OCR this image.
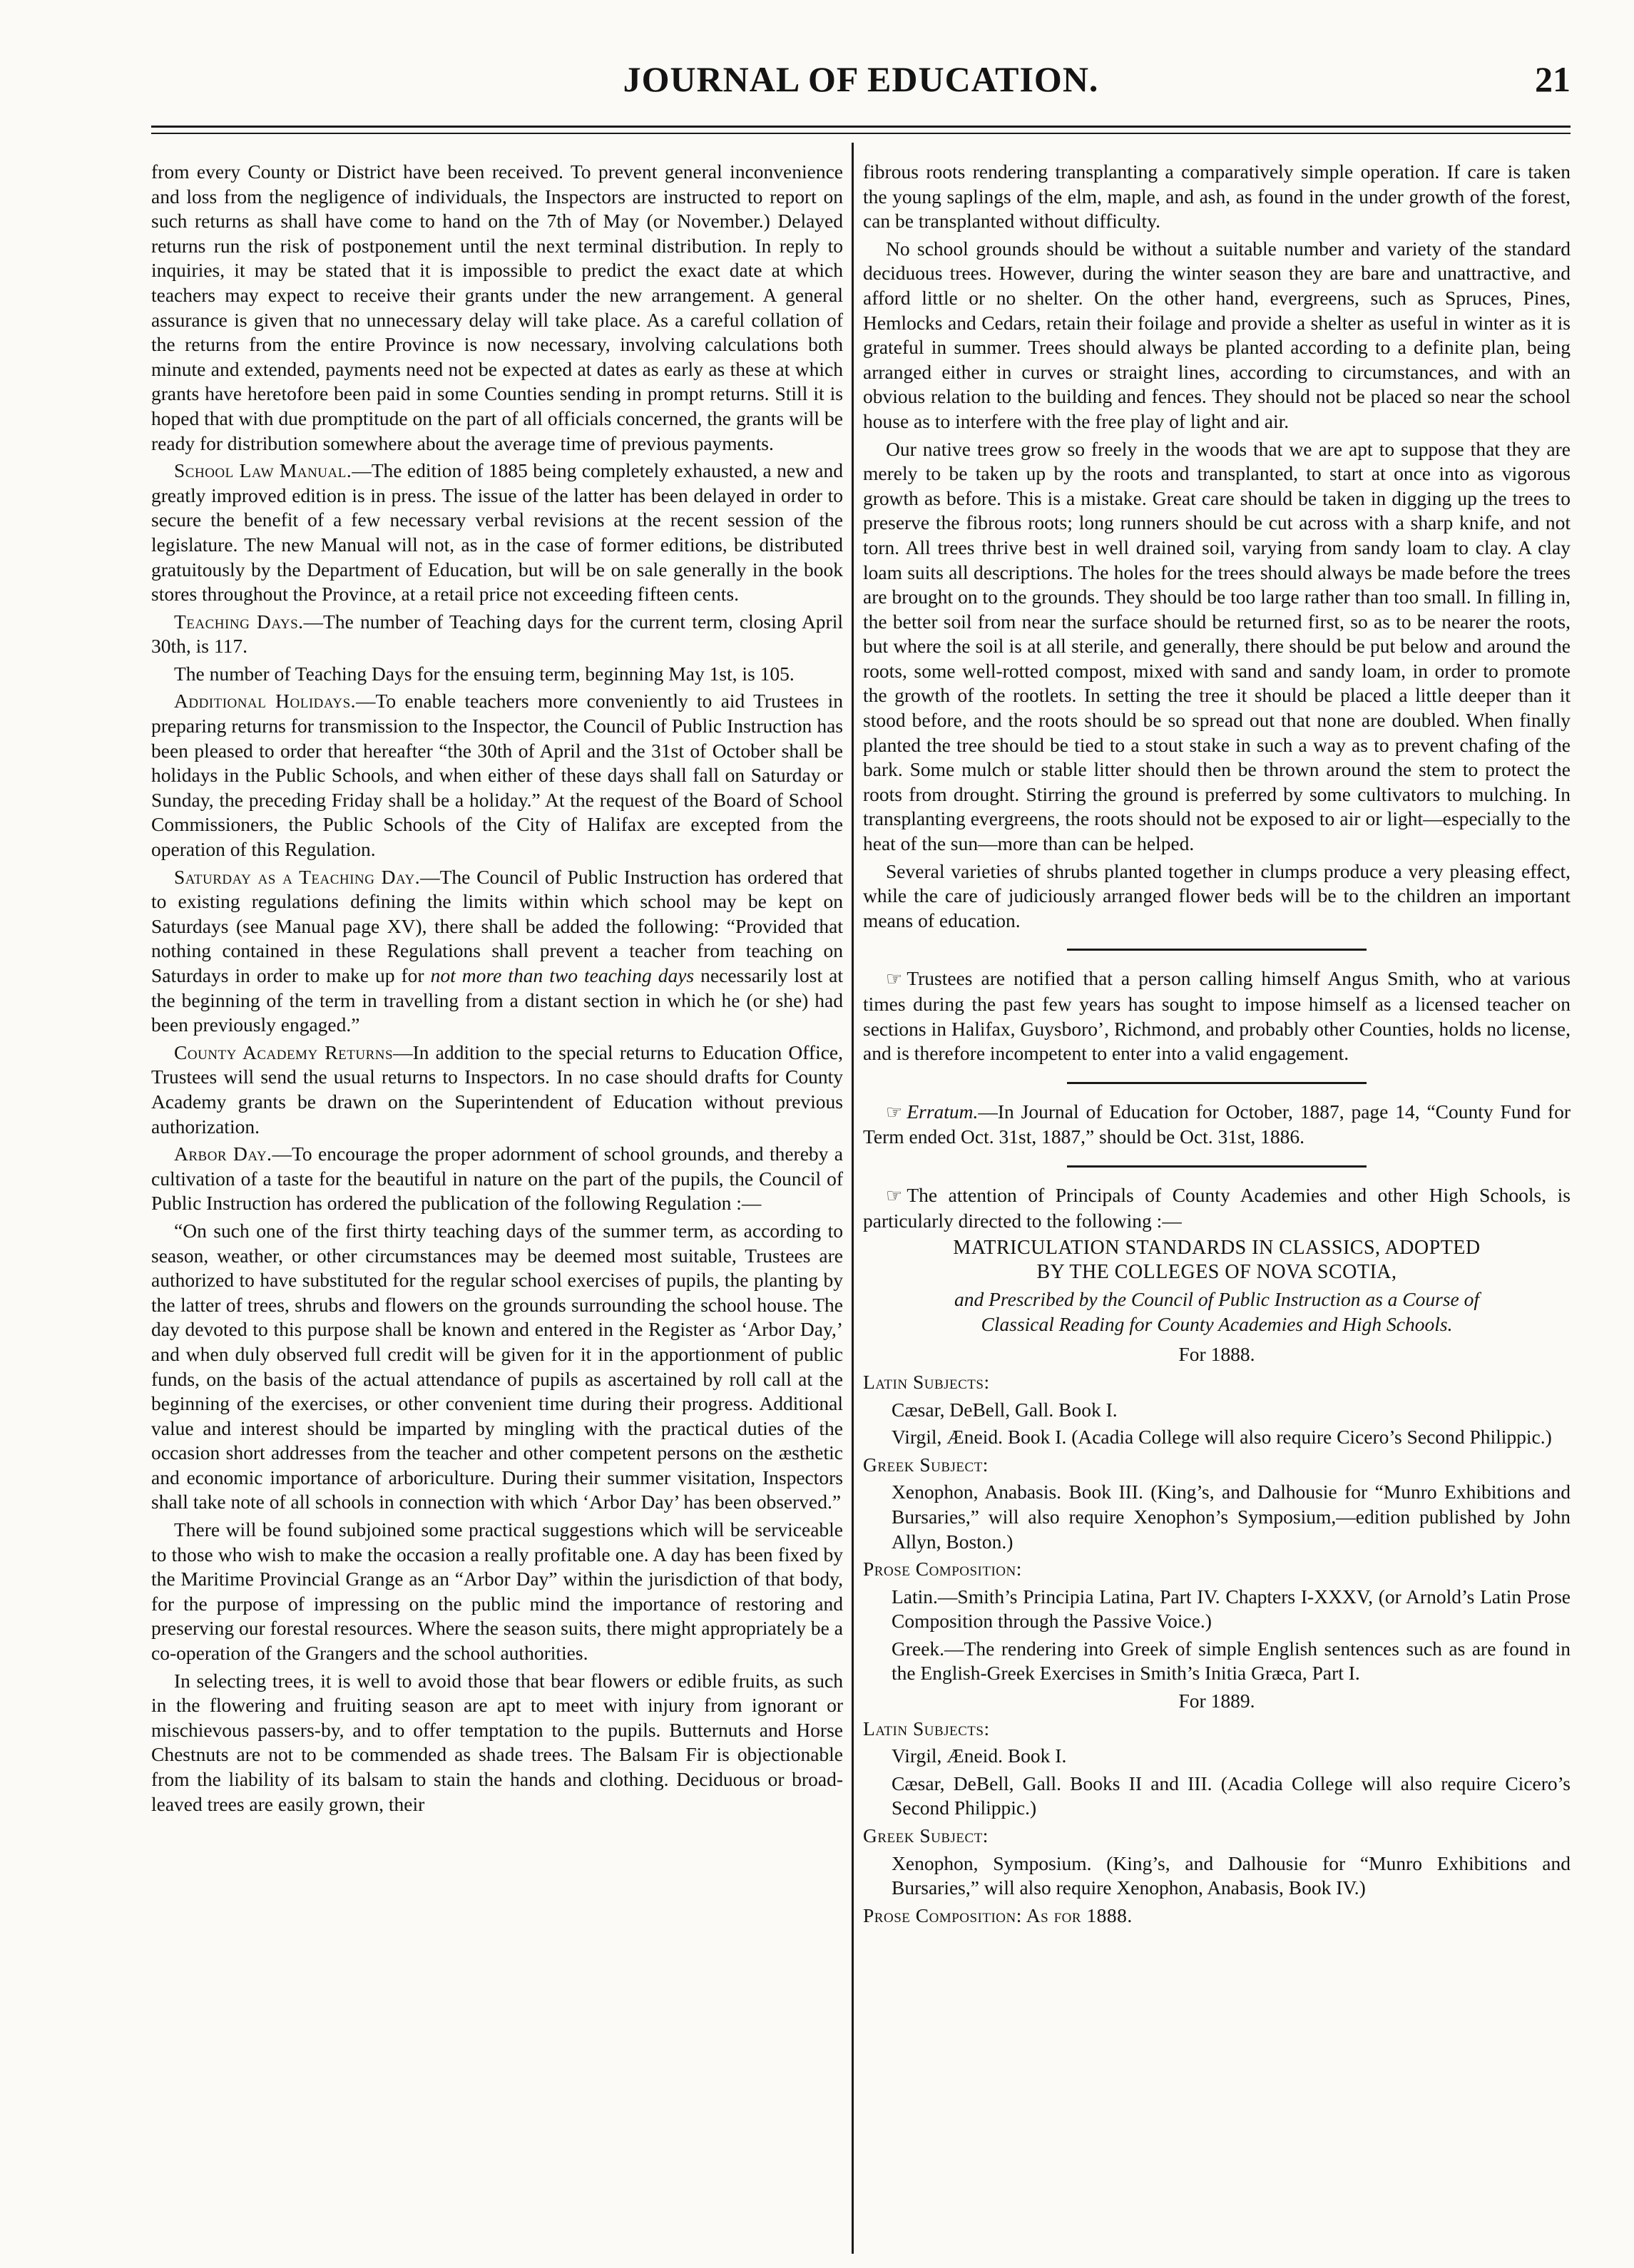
JOURNAL OF EDUCATION.	21

from every County or District have been received. To prevent general inconvenience and loss from the negligence of individuals, the Inspectors are instructed to report on such returns as shall have come to hand on the 7th of May (or November.) Delayed returns run the risk of postponement until the next terminal distribution. In reply to inquiries, it may be stated that it is impossible to predict the exact date at which teachers may expect to receive their grants under the new arrangement. A general assurance is given that no unnecessary delay will take place. As a careful collation of the returns from the entire Province is now necessary, involving calculations both minute and extended, payments need not be expected at dates as early as these at which grants have heretofore been paid in some Counties sending in prompt returns. Still it is hoped that with due promptitude on the part of all officials concerned, the grants will be ready for distribution somewhere about the average time of previous payments.

School Law Manual.—The edition of 1885 being completely exhausted, a new and greatly improved edition is in press. The issue of the latter has been delayed in order to secure the benefit of a few necessary verbal revisions at the recent session of the legislature. The new Manual will not, as in the case of former editions, be distributed gratuitously by the Department of Education, but will be on sale generally in the book stores throughout the Province, at a retail price not exceeding fifteen cents.

Teaching Days.—The number of Teaching days for the current term, closing April 30th, is 117.

The number of Teaching Days for the ensuing term, beginning May 1st, is 105.

Additional Holidays.—To enable teachers more conveniently to aid Trustees in preparing returns for transmission to the Inspector, the Council of Public Instruction has been pleased to order that hereafter “the 30th of April and the 31st of October shall be holidays in the Public Schools, and when either of these days shall fall on Saturday or Sunday, the preceding Friday shall be a holiday.” At the request of the Board of School Commissioners, the Public Schools of the City of Halifax are excepted from the operation of this Regulation.

Saturday as a Teaching Day.—The Council of Public Instruction has ordered that to existing regulations defining the limits within which school may be kept on Saturdays (see Manual page XV), there shall be added the following: “Provided that nothing contained in these Regulations shall prevent a teacher from teaching on Saturdays in order to make up for not more than two teaching days necessarily lost at the beginning of the term in travelling from a distant section in which he (or she) had been previously engaged.”

County Academy Returns—In addition to the special returns to Education Office, Trustees will send the usual returns to Inspectors. In no case should drafts for County Academy grants be drawn on the Superintendent of Education without previous authorization.

Arbor Day.—To encourage the proper adornment of school grounds, and thereby a cultivation of a taste for the beautiful in nature on the part of the pupils, the Council of Public Instruction has ordered the publication of the following Regulation :—

“On such one of the first thirty teaching days of the summer term, as according to season, weather, or other circumstances may be deemed most suitable, Trustees are authorized to have substituted for the regular school exercises of pupils, the planting by the latter of trees, shrubs and flowers on the grounds surrounding the school house. The day devoted to this purpose shall be known and entered in the Register as ‘Arbor Day,’ and when duly observed full credit will be given for it in the apportionment of public funds, on the basis of the actual attendance of pupils as ascertained by roll call at the beginning of the exercises, or other convenient time during their progress. Additional value and interest should be imparted by mingling with the practical duties of the occasion short addresses from the teacher and other competent persons on the æsthetic and economic importance of arboriculture. During their summer visitation, Inspectors shall take note of all schools in connection with which ‘Arbor Day’ has been observed.”

There will be found subjoined some practical suggestions which will be serviceable to those who wish to make the occasion a really profitable one. A day has been fixed by the Maritime Provincial Grange as an “Arbor Day” within the jurisdiction of that body, for the purpose of impressing on the public mind the importance of restoring and preserving our forestal resources. Where the season suits, there might appropriately be a co-operation of the Grangers and the school authorities.

In selecting trees, it is well to avoid those that bear flowers or edible fruits, as such in the flowering and fruiting season are apt to meet with injury from ignorant or mischievous passers-by, and to offer temptation to the pupils. Butternuts and Horse Chestnuts are not to be commended as shade trees. The Balsam Fir is objectionable from the liability of its balsam to stain the hands and clothing. Deciduous or broad-leaved trees are easily grown, their

fibrous roots rendering transplanting a comparatively simple operation. If care is taken the young saplings of the elm, maple, and ash, as found in the under growth of the forest, can be transplanted without difficulty.

No school grounds should be without a suitable number and variety of the standard deciduous trees. However, during the winter season they are bare and unattractive, and afford little or no shelter. On the other hand, evergreens, such as Spruces, Pines, Hemlocks and Cedars, retain their foilage and provide a shelter as useful in winter as it is grateful in summer. Trees should always be planted according to a definite plan, being arranged either in curves or straight lines, according to circumstances, and with an obvious relation to the building and fences. They should not be placed so near the school house as to interfere with the free play of light and air.

Our native trees grow so freely in the woods that we are apt to suppose that they are merely to be taken up by the roots and transplanted, to start at once into as vigorous growth as before. This is a mistake. Great care should be taken in digging up the trees to preserve the fibrous roots; long runners should be cut across with a sharp knife, and not torn. All trees thrive best in well drained soil, varying from sandy loam to clay. A clay loam suits all descriptions. The holes for the trees should always be made before the trees are brought on to the grounds. They should be too large rather than too small. In filling in, the better soil from near the surface should be returned first, so as to be nearer the roots, but where the soil is at all sterile, and generally, there should be put below and around the roots, some well-rotted compost, mixed with sand and sandy loam, in order to promote the growth of the rootlets. In setting the tree it should be placed a little deeper than it stood before, and the roots should be so spread out that none are doubled. When finally planted the tree should be tied to a stout stake in such a way as to prevent chafing of the bark. Some mulch or stable litter should then be thrown around the stem to protect the roots from drought. Stirring the ground is preferred by some cultivators to mulching. In transplanting evergreens, the roots should not be exposed to air or light—especially to the heat of the sun—more than can be helped.

Several varieties of shrubs planted together in clumps produce a very pleasing effect, while the care of judiciously arranged flower beds will be to the children an important means of education.

☞ Trustees are notified that a person calling himself Angus Smith, who at various times during the past few years has sought to impose himself as a licensed teacher on sections in Halifax, Guysboro’, Richmond, and probably other Counties, holds no license, and is therefore incompetent to enter into a valid engagement.

☞ Erratum.—In Journal of Education for October, 1887, page 14, “County Fund for Term ended Oct. 31st, 1887,” should be Oct. 31st, 1886.

☞ The attention of Principals of County Academies and other High Schools, is particularly directed to the following :—

MATRICULATION STANDARDS IN CLASSICS, ADOPTED
BY THE COLLEGES OF NOVA SCOTIA,
and Prescribed by the Council of Public Instruction as a Course of
Classical Reading for County Academies and High Schools.

For 1888.

Latin Subjects:

Cæsar, DeBell, Gall. Book I.

Virgil, Æneid. Book I. (Acadia College will also require Cicero’s Second Philippic.)

Greek Subject:

Xenophon, Anabasis. Book III. (King’s, and Dalhousie for “Munro Exhibitions and Bursaries,” will also require Xenophon’s Symposium,—edition published by John Allyn, Boston.)

Prose Composition:

Latin.—Smith’s Principia Latina, Part IV. Chapters I-XXXV, (or Arnold’s Latin Prose Composition through the Passive Voice.)

Greek.—The rendering into Greek of simple English sentences such as are found in the English-Greek Exercises in Smith’s Initia Græca, Part I.

For 1889.

Latin Subjects:

Virgil, Æneid. Book I.

Cæsar, DeBell, Gall. Books II and III. (Acadia College will also require Cicero’s Second Philippic.)

Greek Subject:

Xenophon, Symposium. (King’s, and Dalhousie for “Munro Exhibitions and Bursaries,” will also require Xenophon, Anabasis, Book IV.)

Prose Composition: As for 1888.
